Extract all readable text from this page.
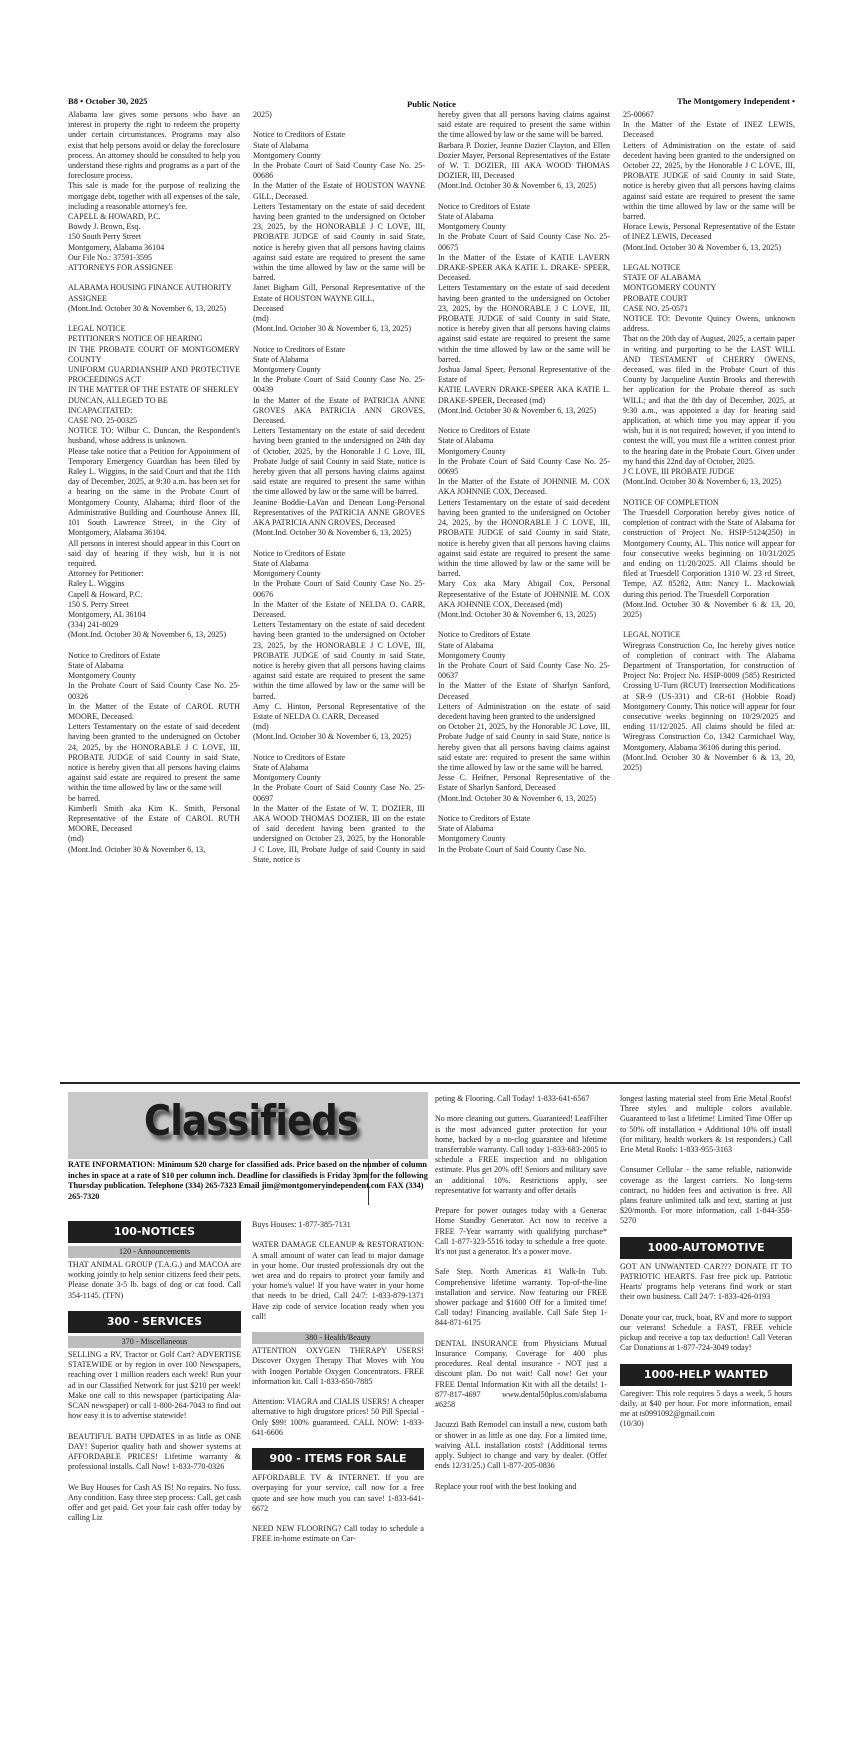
B8 • October 30, 2025	Public Notice	The Montgomery Independent •

Alabama law gives some persons who have an interest in property the right to redeem the property under certain circumstances. Programs may also exist that help persons avoid or delay the foreclosure process. An attorney should be consulted to help you understand these rights and programs as a part of the foreclosure process.

This sale is made for the purpose of realizing the mortgage debt, together with all expenses of the sale, including a reasonable attorney's fee.

CAPELL & HOWARD, P.C.

Bowdy J. Brown, Esq.

150 South Perry Street

Montgomery, Alabama 36104

Our File No.: 37591-3595

ATTORNEYS FOR ASSIGNEE

ALABAMA HOUSING FINANCE AUTHORITY

ASSIGNEE

(Mont.Ind. October 30 & November 6, 13, 2025)

LEGAL NOTICE

PETITIONER'S NOTICE OF HEARING

IN THE PROBATE COURT OF MONTGOMERY COUNTY

UNIFORM GUARDIANSHIP AND PROTECTIVE PROCEEDINGS ACT

IN THE MATTER OF THE ESTATE OF SHERLEY

DUNCAN, ALLEGED TO BE

INCAPACITATED:

CASE NO. 25-00325

NOTICE TO: Wilbur C. Duncan, the Respondent's husband, whose address is unknown.

Please take notice that a Petition for Appointment of Temporary Emergency Guardian has been filed by Raley L. Wiggins, in the said Court and that the 11th day of December, 2025, at 9:30 a.m. has been set for a hearing on the same in the Probate Court of Montgomery County, Alabama; third floor of the Administrative Building and Courthouse Annex III, 101 South Lawrence Street, in the City of Montgomery, Alabama 36104.

All persons in interest should appear in this Court on said day of hearing if they wish, but it is not required.

Attorney for Petitioner:

Raley L. Wiggins

Capell & Howard, P.C.

150 S. Perry Street

Montgomery, AL 36104

(334) 241-8029

(Mont.Ind. October 30 & November 6, 13, 2025)

Notice to Creditors of Estate

State of Alabama

Montgomery County

In the Probate Court of Said County Case No. 25-00326

In the Matter of the Estate of CAROL RUTH MOORE, Deceased.

Letters Testamentary on the estate of said decedent having been granted to the undersigned on October 24, 2025, by the HONORABLE J C LOVE, III, PROBATE JUDGE of said County in said State, notice is hereby given that all persons having claims against said estate are required to present the same within the time allowed by law or the same will

be barred.

Kimberli Smith aka Kim K. Smith, Personal Representative of the Estate of CAROL RUTH MOORE, Deceased

(md)

(Mont.Ind. October 30 & November 6, 13,

2025)

Notice to Creditors of Estate

State of Alabama

Montgomery County

In the Probate Court of Said County Case No. 25-00686

In the Matter of the Estate of HOUSTON WAYNE GILL, Deceased.

Letters Testamentary on the estate of said decedent having been granted to the undersigned on October 23, 2025, by the HONORABLE J C LOVE, III, PROBATE JUDGE of said County in said State, notice is hereby given that all persons having claims against said estate are required to present the same within the time allowed by law or the same will be barred.

Janet Bigham Gill, Personal Representative of the Estate of HOUSTON WAYNE GILL,

Deceased

(md)

(Mont.Ind. October 30 & November 6, 13, 2025)

Notice to Creditors of Estate

State of Alabama

Montgomery County

In the Probate Court of Said County Case No. 25-00439

In the Matter of the Estate of PATRICIA ANNE GROVES AKA PATRICIA ANN GROVES, Deceased.

Letters Testamentary on the estate of said decedent having been granted to the undersigned on 24th day of October, 2025, by the Honorable J C Love, III, Probate Judge of said County in said State, notice is hereby given that all persons having claims against said estate are required to present the same within the time allowed by law or the same will be barred.

Jeanine Boddie-LaVan and Denean Long-Personal Representatives of the PATRICIA ANNE GROVES AKA PATRICIA ANN GROVES, Deceased

(Mont.Ind. October 30 & November 6, 13, 2025)

Notice to Creditors of Estate

State of Alabama

Montgomery County

In the Probate Court of Said County Case No. 25-00676

In the Matter of the Estate of NELDA O. CARR, Deceased.

Letters Testamentary on the estate of said decedent having been granted to the undersigned on October 23, 2025, by the HONORABLE J C LOVE, III, PROBATE JUDGE of said County in said State, notice is hereby given that all persons having claims against said estate are required to present the same within the time allowed by law or the same will be barred.

Amy C. Hinton, Personal Representative of the Estate of NELDA O. CARR, Deceased

(md)

(Mont.Ind. October 30 & November 6, 13, 2025)

Notice to Creditors of Estate

State of Alabama

Montgomery County

In the Probate Court of Said County Case No. 25-00697

In the Matter of the Estate of W. T. DOZIER, III AKA WOOD THOMAS DOZIER, III on the estate of said decedent having been granted to the undersigned on October 23, 2025, by the Honorable J C Love, III, Probate Judge of said County in said State, notice is

hereby given that all persons having claims against said estate are required to present the same within the time allowed by law or the same will be barred.

Barbara P. Dozier, Jeanne Dozier Clayton, and Ellen Dozier Mayer, Personal Representatives of the Estate of W. T. DOZIER, III AKA WOOD THOMAS DOZIER, III, Deceased

(Mont.Ind. October 30 & November 6, 13, 2025)

Notice to Creditors of Estate

State of Alabama

Montgomery County

In the Probate Court of Said County Case No. 25-00675

In the Matter of the Estate of KATIE LAVERN DRAKE-SPEER AKA KATIE L. DRAKE- SPEER, Deceased.

Letters Testamentary on the estate of said decedent having been granted to the undersigned on October 23, 2025, by the HONORABLE J C LOVE, III, PROBATE JUDGE of said County in said State, notice is hereby given that all persons having claims against said estate are required to present the same within the time allowed by law or the same will be barred.

Joshua Jamal Speer, Personal Representative of the Estate of

KATIE LAVERN DRAKE-SPEER AKA KATIE L. DRAKE-SPEER, Deceased (md)

(Mont.Ind. October 30 & November 6, 13, 2025)

Notice to Creditors of Estate

State of Alabama

Montgomery County

In the Probate Court of Said County Case No. 25-00695

In the Matter of the Estate of JOHNNIE M. COX AKA JOHNNIE COX, Deceased.

Letters Testamentary on the estate of said decedent having been granted to the undersigned on October 24, 2025, by the HONORABLE J C LOVE, III, PROBATE JUDGE of said County in said State, notice is hereby given that all persons having claims against said estate are required to present the same within the time allowed by law or the same will be barred.

Mary Cox aka Mary Abigail Cox, Personal Representative of the Estate of JOHNNIE M. COX AKA JOHNNIE COX, Deceased (md)

(Mont.Ind. October 30 & November 6, 13, 2025)

Notice to Creditors of Estate

State of Alabama

Montgomery County

In the Probate Court of Said County Case No. 25-00637

In the Matter of the Estate of Sharlyn Sanford, Deceased

Letters of Administration on the estate of said decedent having been granted to the undersigned

on October 21, 2025, by the Honorable JC Love, III, Probate Judge of said County in said State, notice is hereby given that all persons having claims against said estate are: required to present the same within the time allowed by law or the same will be barred.

Jesse C. Heifner, Personal Representative of the Estate of Sharlyn Sanford, Deceased

(Mont.Ind. October 30 & November 6, 13, 2025)

Notice to Creditors of Estate

State of Alabama

Montgomery County

In the Probate Court of Said County Case No.

25-00667

In the Matter of the Estate of INEZ LEWIS, Deceased

Letters of Administration on the estate of said decedent having been granted to the undersigned on October 22, 2025, by the Honorable J C LOVE, III, PROBATE JUDGE of said County in said State, notice is hereby given that all persons having claims against said estate are required to present the same within the time allowed by law or the same will be barred.

Horace Lewis, Personal Representative of the Estate of INEZ LEWIS, Deceased

(Mont.Ind. October 30 & November 6, 13, 2025)

LEGAL NOTICE

STATE OF ALABAMA

MONTGOMERY COUNTY

PROBATE COURT

CASE NO. 25-0571

NOTICE TO: Devonte Quincy Owens, unknown address.

That on the 20th day of August, 2025, a certain paper in writing and purporting to be the LAST WILL AND TESTAMENT of CHERRY OWENS, deceased, was filed in the Probate Court of this County by Jacqueline Austin Brooks and therewith her application for the Probate thereof as such WILL; and that the 8th day of December, 2025, at 9:30 a.m., was appointed a day for hearing said application, at which time you may appear if you wish, but it is not required; however, if you intend to contest the will, you must file a written contest prior to the hearing date in the Probate Court. Given under my hand this 22nd day of October, 2025.

J C LOVE, III PROBATE JUDGE

(Mont.Ind. October 30 & November 6, 13, 2025)

NOTICE OF COMPLETION

The Truesdell Corporation hereby gives notice of completion of contract with the State of Alabama for construction of Project No. HSIP-5124(250) in Montgomery County, AL. This notice will appear for four consecutive weeks beginning on 10/31/2025 and ending on 11/20/2025. All Claims should be filed at Truesdell Corporation 1310 W. 23 rd Street, Tempe, AZ 85282, Attn: Nancy L. Mackowiak during this period. The Truesdell Corporation

(Mont.Ind. October 30 & November 6 & 13, 20, 2025)

LEGAL NOTICE

Wiregrass Construction Co, Inc hereby gives notice of completion of contract with The Alabama Department of Transportation, for construction of Project No: Project No. HSIP-0009 (585) Restricted Crossing U-Turn (RCUT) Intersection Modifications at SR-9 (US-331) and CR-61 (Hobbie Road) Montgomery County. This notice will appear for four consecutive weeks beginning on 10/29/2025 and ending 11/12/2025. All claims should be filed at: Wiregrass Construction Co, 1342 Carmichael Way, Montgomery, Alabama 36106 during this period.

(Mont.Ind. October 30 & November 6 & 13, 20, 2025)

Classifieds
RATE INFORMATION: Minimum $20 charge for classified ads. Price based on the number of column inches in space at a rate of $10 per column inch. Deadline for classifieds is Friday 3pm for the following Thursday publication. Telephone (334) 265-7323 Email jim@montgomeryindependent.com FAX (334) 265-7320
100-NOTICES
120 - Announcements

THAT ANIMAL GROUP (T.A.G.) and MACOA are working jointly to help senior citizens feed their pets. Please donate 3-5 lb. bags of dog or cat food. Call 354-1145. (TFN)

300 - SERVICES
370 - Miscellaneous

SELLING a RV, Tractor or Golf Cart? ADVERTISE STATEWIDE or by region in over 100 Newspapers, reaching over 1 million readers each week! Run your ad in our Classified Network for just $210 per week! Make one call to this newspaper (participating Ala-SCAN newspaper) or call 1-800-264-7043 to find out how easy it is to advertise statewide!

BEAUTIFUL BATH UPDATES in as little as ONE DAY! Superior quality bath and shower systems at AFFORDABLE PRICES! Lifetime warranty & professional installs. Call Now! 1-833-770-0326

We Buy Houses for Cash AS IS! No repairs. No fuss. Any condition. Easy three step process: Call, get cash offer and get paid. Get your fair cash offer today by calling Liz

Buys Houses: 1-877-385-7131

WATER DAMAGE CLEANUP & RESTORATION: A small amount of water can lead to major damage in your home. Our trusted professionals dry out the wet area and do repairs to protect your family and your home's value! If you have water in your home that needs to be dried, Call 24/7: 1-833-879-1371 Have zip code of service location ready when you call!

380 - Health/Beauty

ATTENTION OXYGEN THERAPY USERS! Discover Oxygen Therapy That Moves with You with Inogen Portable Oxygen Concentrators. FREE information kit. Call 1-833-650-7885

Attention: VIAGRA and CIALIS USERS! A cheaper alternative to high drugstore prices! 50 Pill Special - Only $99! 100% guaranteed. CALL NOW: 1-833-641-6606

900 - ITEMS FOR SALE

AFFORDABLE TV & INTERNET. If you are overpaying for your service, call now for a free quote and see how much you can save! 1-833-641-6672

NEED NEW FLOORING? Call today to schedule a FREE in-home estimate on Car-

peting & Flooring. Call Today! 1-833-641-6567

No more cleaning out gutters. Guaranteed! LeafFilter is the most advanced gutter protection for your home, backed by a no-clog guarantee and lifetime transferrable warranty. Call today 1-833-683-2005 to schedule a FREE inspection and no obligation estimate. Plus get 20% off! Seniors and military save an additional 10%. Restrictions apply, see representative for warranty and offer details

Prepare for power outages today with a Generac Home Standby Generator. Act now to receive a FREE 7-Year warranty with qualifying purchase* Call 1-877-323-5516 today to schedule a free quote. It's not just a generator. It's a power move.

Safe Step. North Americas #1 Walk-In Tub. Comprehensive lifetime warranty. Top-of-the-line installation and service. Now featuring our FREE shower package and $1600 Off for a limited time! Call today! Financing available. Call Safe Step 1-844-871-6175

DENTAL INSURANCE from Physicians Mutual Insurance Company. Coverage for 400 plus procedures. Real dental insurance - NOT just a discount plan. Do not wait! Call now! Get your FREE Dental Information Kit with all the details! 1-877-817-4697 www.dental50plus.com/alabama #6258

Jacuzzi Bath Remodel can install a new, custom bath or shower in as little as one day. For a limited time, waiving ALL installation costs! (Additional terms apply. Subject to change and vary by dealer. (Offer ends 12/31/25.) Call 1-877-205-0836

Replace your roof with the best looking and

longest lasting material steel from Erie Metal Roofs! Three styles and multiple colors available. Guaranteed to last a lifetime! Limited Time Offer up to 50% off installation + Additional 10% off install (for military, health workers & 1st responders.) Call Erie Metal Roofs: 1-833-955-3163

Consumer Cellular - the same reliable, nationwide coverage as the largest carriers. No long-term contract, no hidden fees and activation is free. All plans feature unlimited talk and text, starting at just $20/month. For more information, call 1-844-358-5270

1000-AUTOMOTIVE

GOT AN UNWANTED CAR??? DONATE IT TO PATRIOTIC HEARTS. Fast free pick up. Patriotic Hearts' programs help veterans find work or start their own business. Call 24/7: 1-833-426-0193

Donate your car, truck, boat, RV and more to support our veterans! Schedule a FAST, FREE vehicle pickup and receive a top tax deduction! Call Veteran Car Donations at 1-877-724-3049 today!

1000-HELP WANTED

Caregiver: This role requires 5 days a week, 5 hours daily, at $40 per hour. For more information, email me at ts0991092@gmail.com

(10/30)
